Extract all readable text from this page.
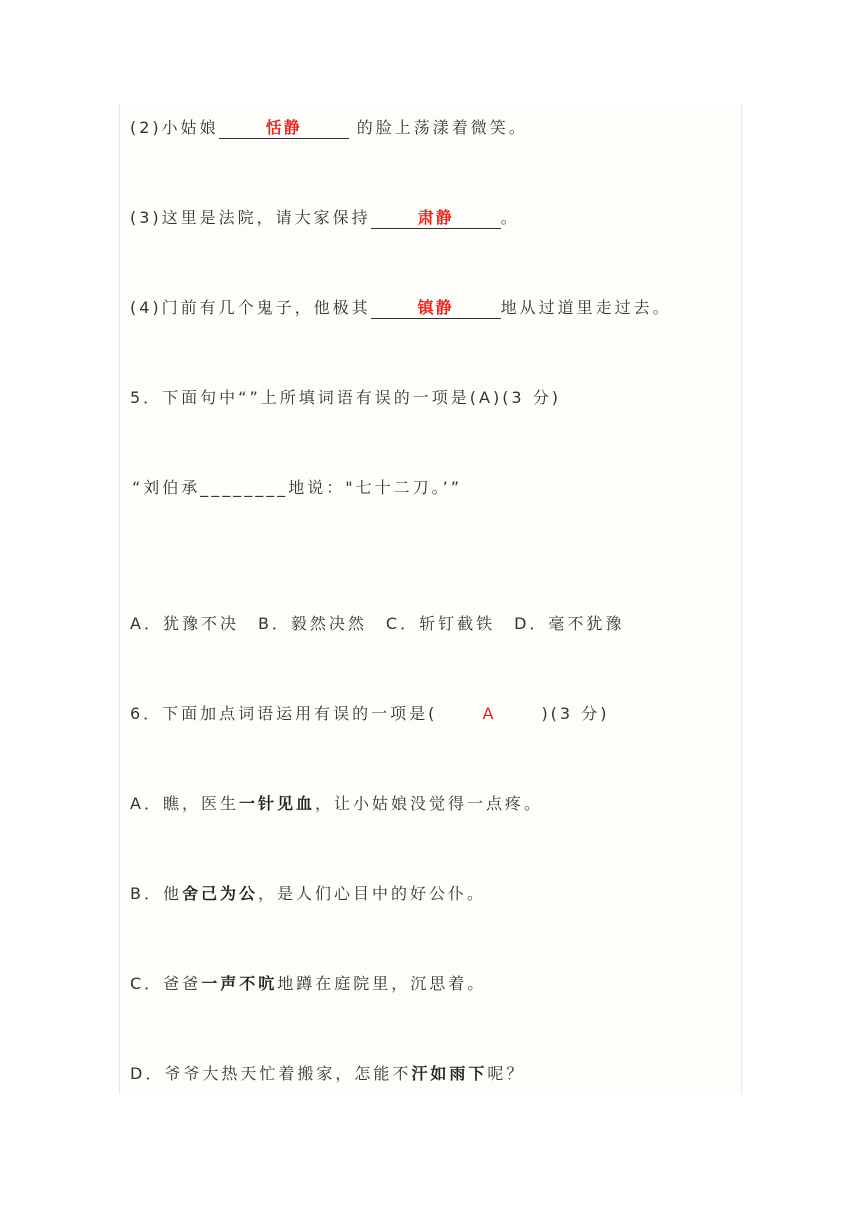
(2)小姑娘	恬静	的脸上荡漾着微笑。
(3)这里是法院，请大家保持	肃静	。
(4)门前有几个鬼子，他极其	镇静	地从过道里走过去。
5．下面句中“”上所填词语有误的一项是(A)(3 分)
“刘伯承________地说："七十二刀。’”
A．犹豫不决　B．毅然决然　C．斩钉截铁　D．毫不犹豫
6．下面加点词语运用有误的一项是(	A	)(3 分)
A．瞧，医生一针见血，让小姑娘没觉得一点疼。
B．他舍己为公，是人们心目中的好公仆。
C．爸爸一声不吭地蹲在庭院里，沉思着。
D．爷爷大热天忙着搬家，怎能不汗如雨下呢？
